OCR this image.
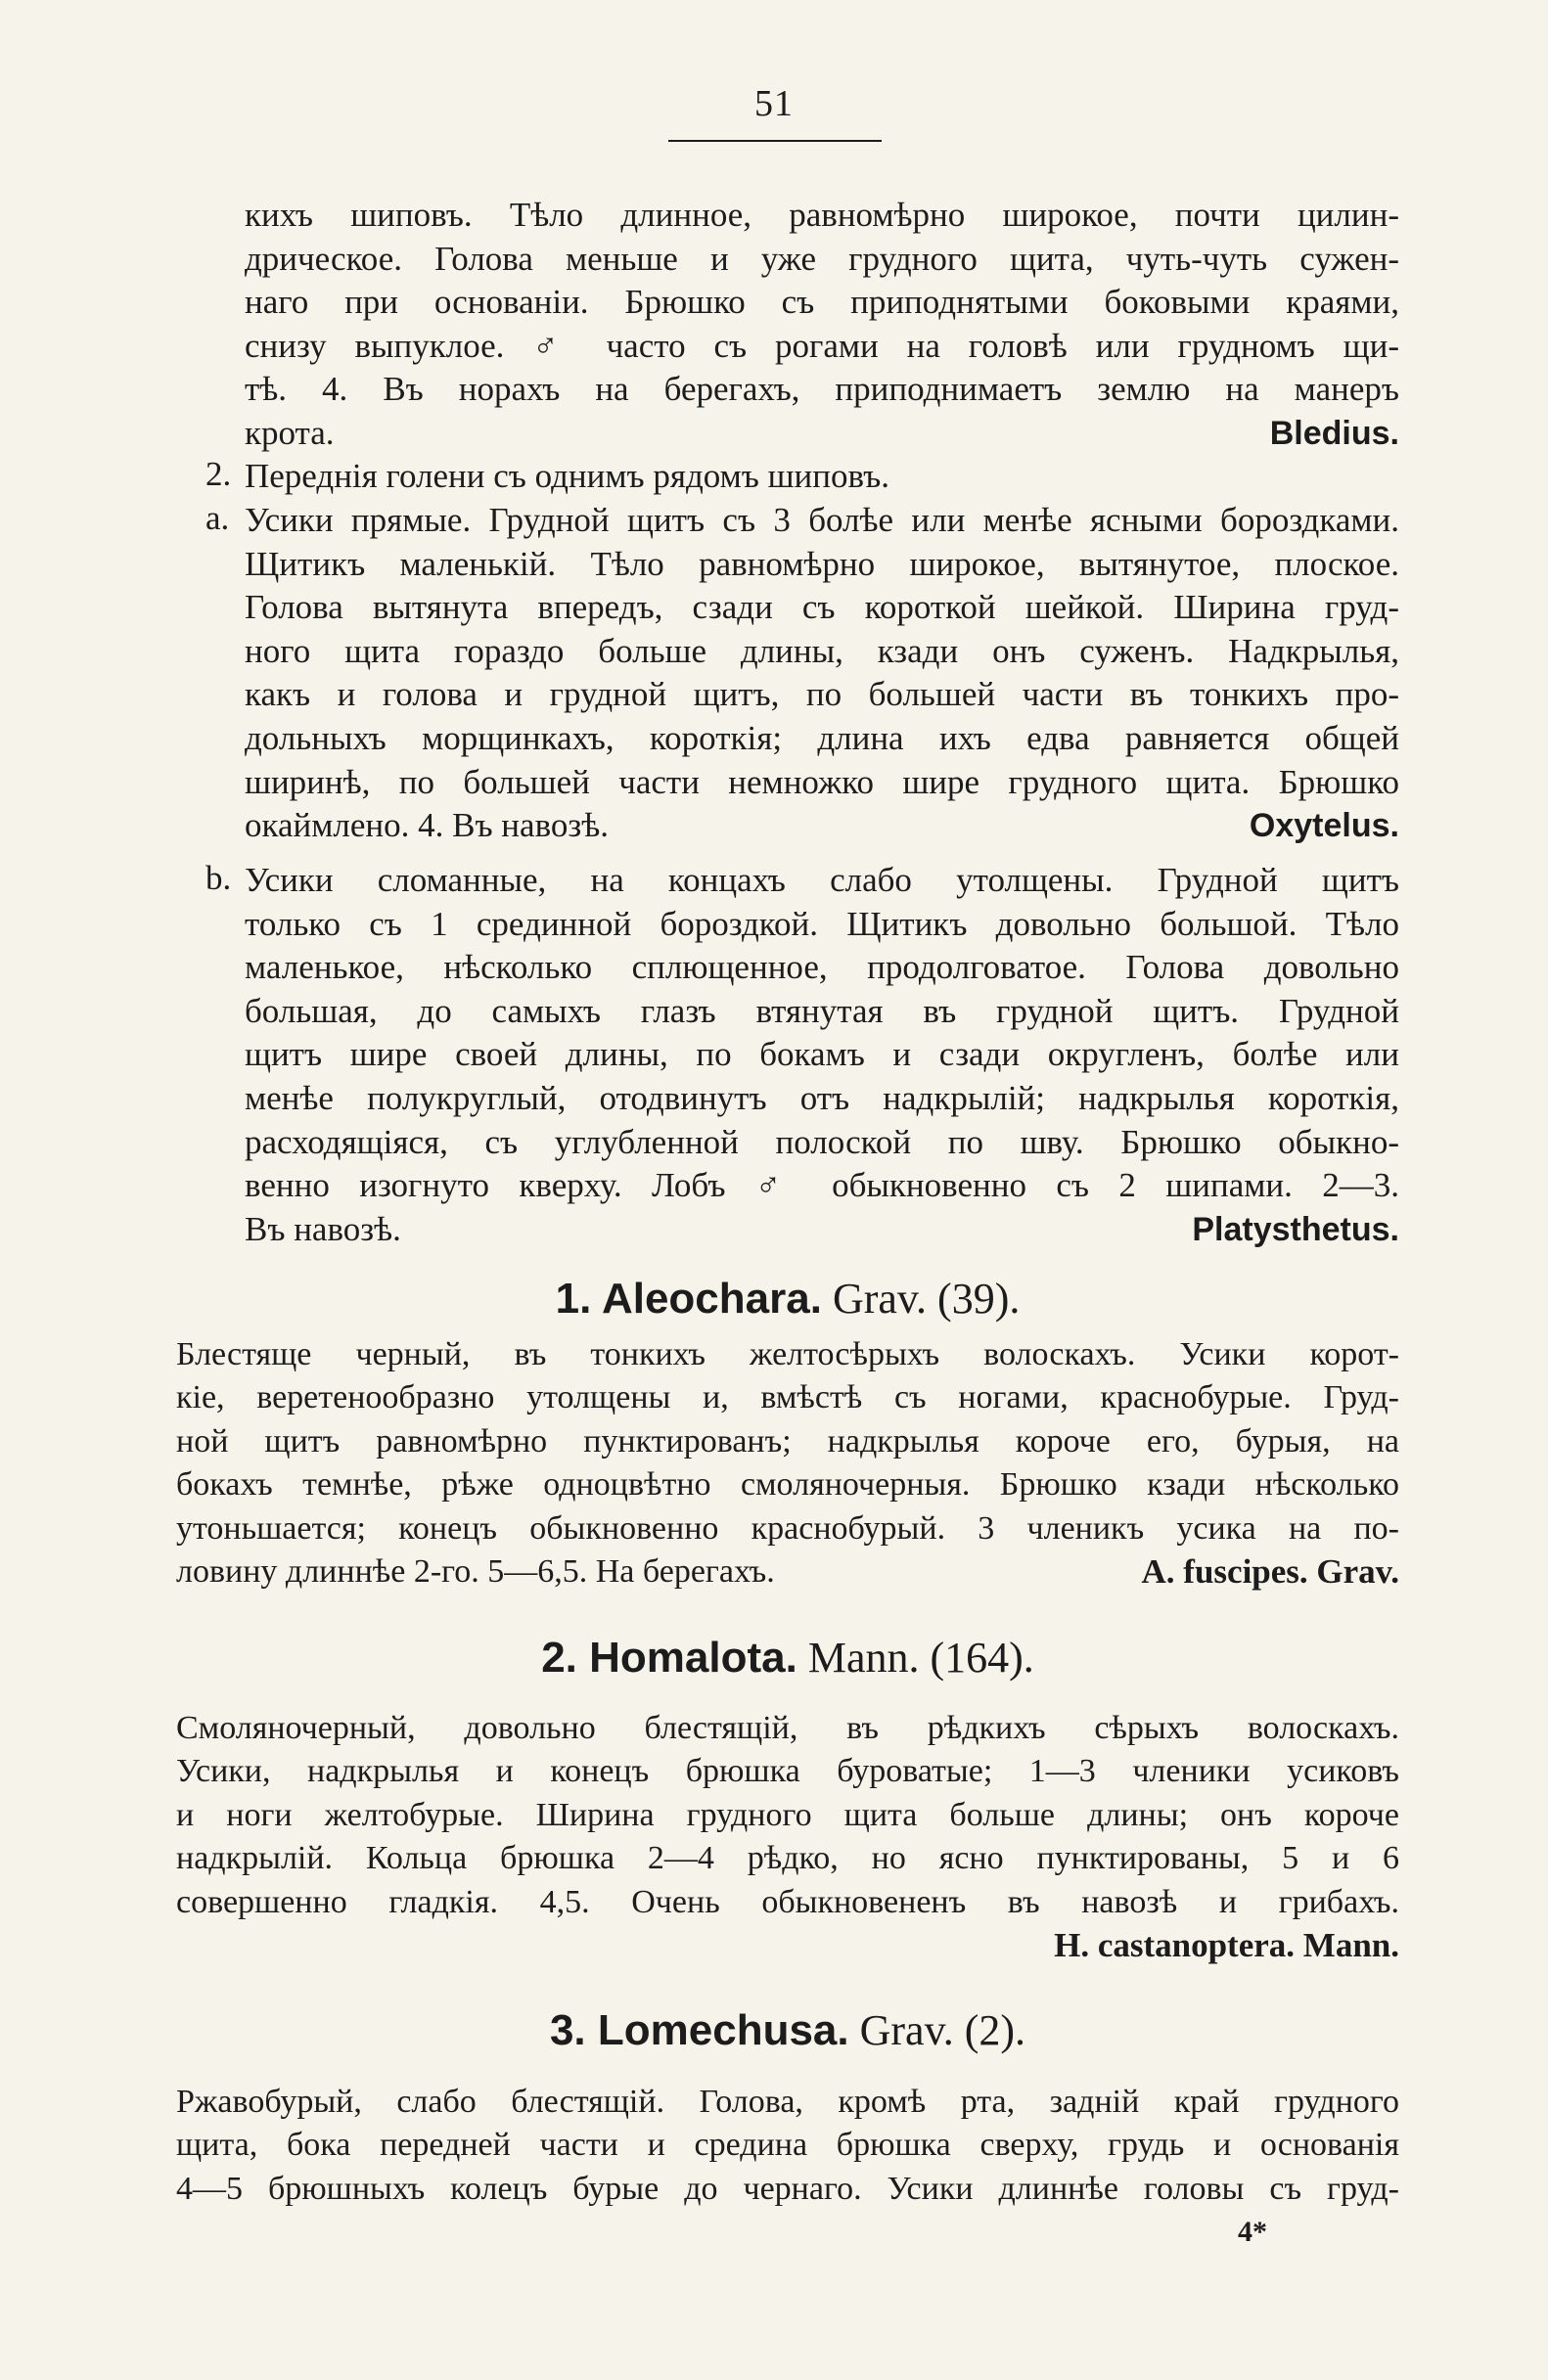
51
кихъ шиповъ. Тѣло длинное, равномѣрно широкое, почти цилин-
дрическое. Голова меньше и уже грудного щита, чуть-чуть сужен-
наго при основаніи. Брюшко съ приподнятыми боковыми краями,
снизу выпуклое. ♂ часто съ рогами на головѣ или грудномъ щи-
тѣ. 4. Въ норахъ на берегахъ, приподнимаетъ землю на манеръ
крота.	Bledius.
2. Переднія голени съ однимъ рядомъ шиповъ.
a. Усики прямые. Грудной щитъ съ 3 болѣе или менѣе ясными бороздками.
Щитикъ маленькій. Тѣло равномѣрно широкое, вытянутое, плоское.
Голова вытянута впередъ, сзади съ короткой шейкой. Ширина груд-
ного щита гораздо больше длины, кзади онъ суженъ. Надкрылья,
какъ и голова и грудной щитъ, по большей части въ тонкихъ про-
дольныхъ морщинкахъ, короткія; длина ихъ едва равняется общей
ширинѣ, по большей части немножко шире грудного щита. Брюшко
окаймлено. 4. Въ навозѣ.	Oxytelus.
b. Усики сломанные, на концахъ слабо утолщены. Грудной щитъ
только съ 1 срединной бороздкой. Щитикъ довольно большой. Тѣло
маленькое, нѣсколько сплющенное, продолговатое. Голова довольно
большая, до самыхъ глазъ втянутая въ грудной щитъ. Грудной
щитъ шире своей длины, по бокамъ и сзади округленъ, болѣе или
менѣе полукруглый, отодвинутъ отъ надкрылій; надкрылья короткія,
расходящіяся, съ углубленной полоской по шву. Брюшко обыкно-
венно изогнуто кверху. Лобъ ♂ обыкновенно съ 2 шипами. 2—3.
Въ навозѣ.	Platysthetus.
1. Aleochara. Grav. (39).
Блестяще черный, въ тонкихъ желтосѣрыхъ волоскахъ. Усики корот-
кіе, веретенообразно утолщены и, вмѣстѣ съ ногами, краснобурые. Груд-
ной щитъ равномѣрно пунктированъ; надкрылья короче его, бурыя, на
бокахъ темнѣе, рѣже одноцвѣтно смоляночерныя. Брюшко кзади нѣсколько
утоньшается; конецъ обыкновенно краснобурый. 3 членикъ усика на по-
ловину длиннѣе 2-го. 5—6,5. На берегахъ.	A. fuscipes. Grav.
2. Homalota. Mann. (164).
Смоляночерный, довольно блестящій, въ рѣдкихъ сѣрыхъ волоскахъ.
Усики, надкрылья и конецъ брюшка буроватые; 1—3 членики усиковъ
и ноги желтобурые. Ширина грудного щита больше длины; онъ короче
надкрылій. Кольца брюшка 2—4 рѣдко, но ясно пунктированы, 5 и 6
совершенно гладкія. 4,5. Очень обыкновененъ въ навозѣ и грибахъ.
H. castanoptera. Mann.
3. Lomechusa. Grav. (2).
Ржавобурый, слабо блестящій. Голова, кромѣ рта, задній край грудного
щита, бока передней части и средина брюшка сверху, грудь и основанія
4—5 брюшныхъ колецъ бурые до чернаго. Усики длиннѣе головы съ груд-
4*
